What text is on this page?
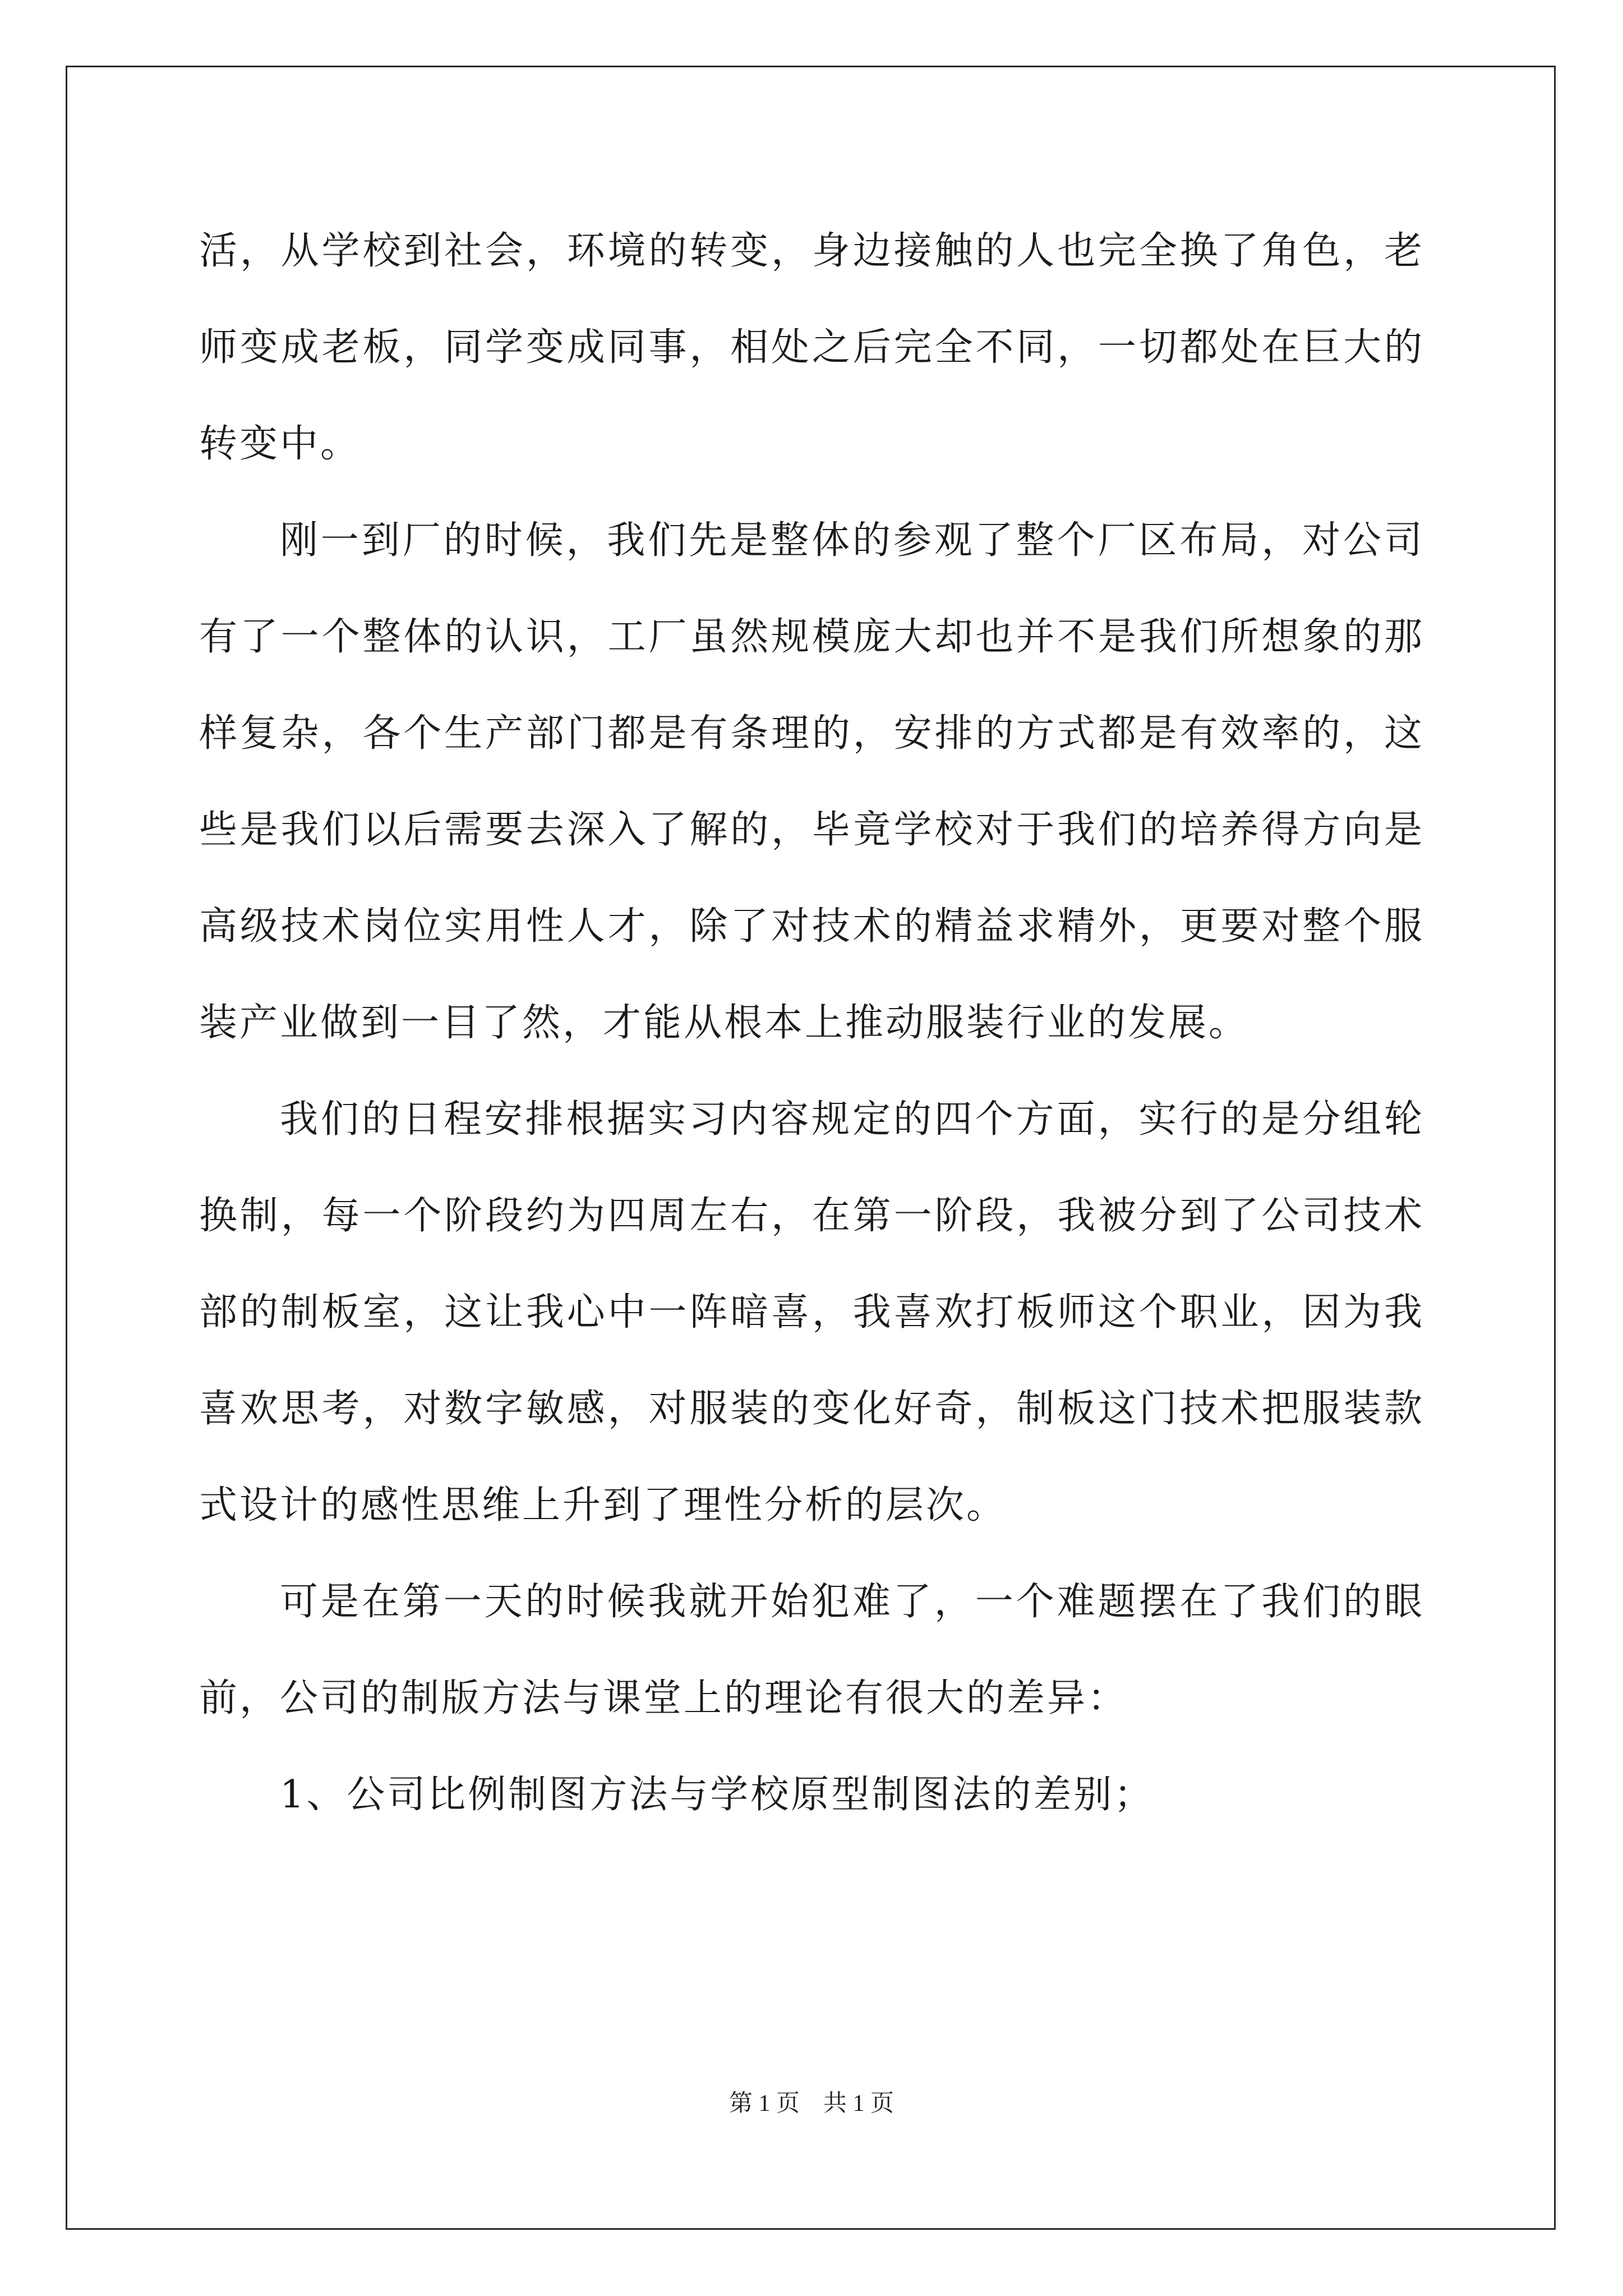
活，从学校到社会，环境的转变，身边接触的人也完全换了角色，老师变成老板，同学变成同事，相处之后完全不同，一切都处在巨大的转变中。

刚一到厂的时候，我们先是整体的参观了整个厂区布局，对公司有了一个整体的认识，工厂虽然规模庞大却也并不是我们所想象的那样复杂，各个生产部门都是有条理的，安排的方式都是有效率的，这些是我们以后需要去深入了解的，毕竟学校对于我们的培养得方向是高级技术岗位实用性人才，除了对技术的精益求精外，更要对整个服装产业做到一目了然，才能从根本上推动服装行业的发展。

我们的日程安排根据实习内容规定的四个方面，实行的是分组轮换制，每一个阶段约为四周左右，在第一阶段，我被分到了公司技术部的制板室，这让我心中一阵暗喜，我喜欢打板师这个职业，因为我喜欢思考，对数字敏感，对服装的变化好奇，制板这门技术把服装款式设计的感性思维上升到了理性分析的层次。

可是在第一天的时候我就开始犯难了，一个难题摆在了我们的眼前，公司的制版方法与课堂上的理论有很大的差异：

1、公司比例制图方法与学校原型制图法的差别；

第 1 页　共 1 页
